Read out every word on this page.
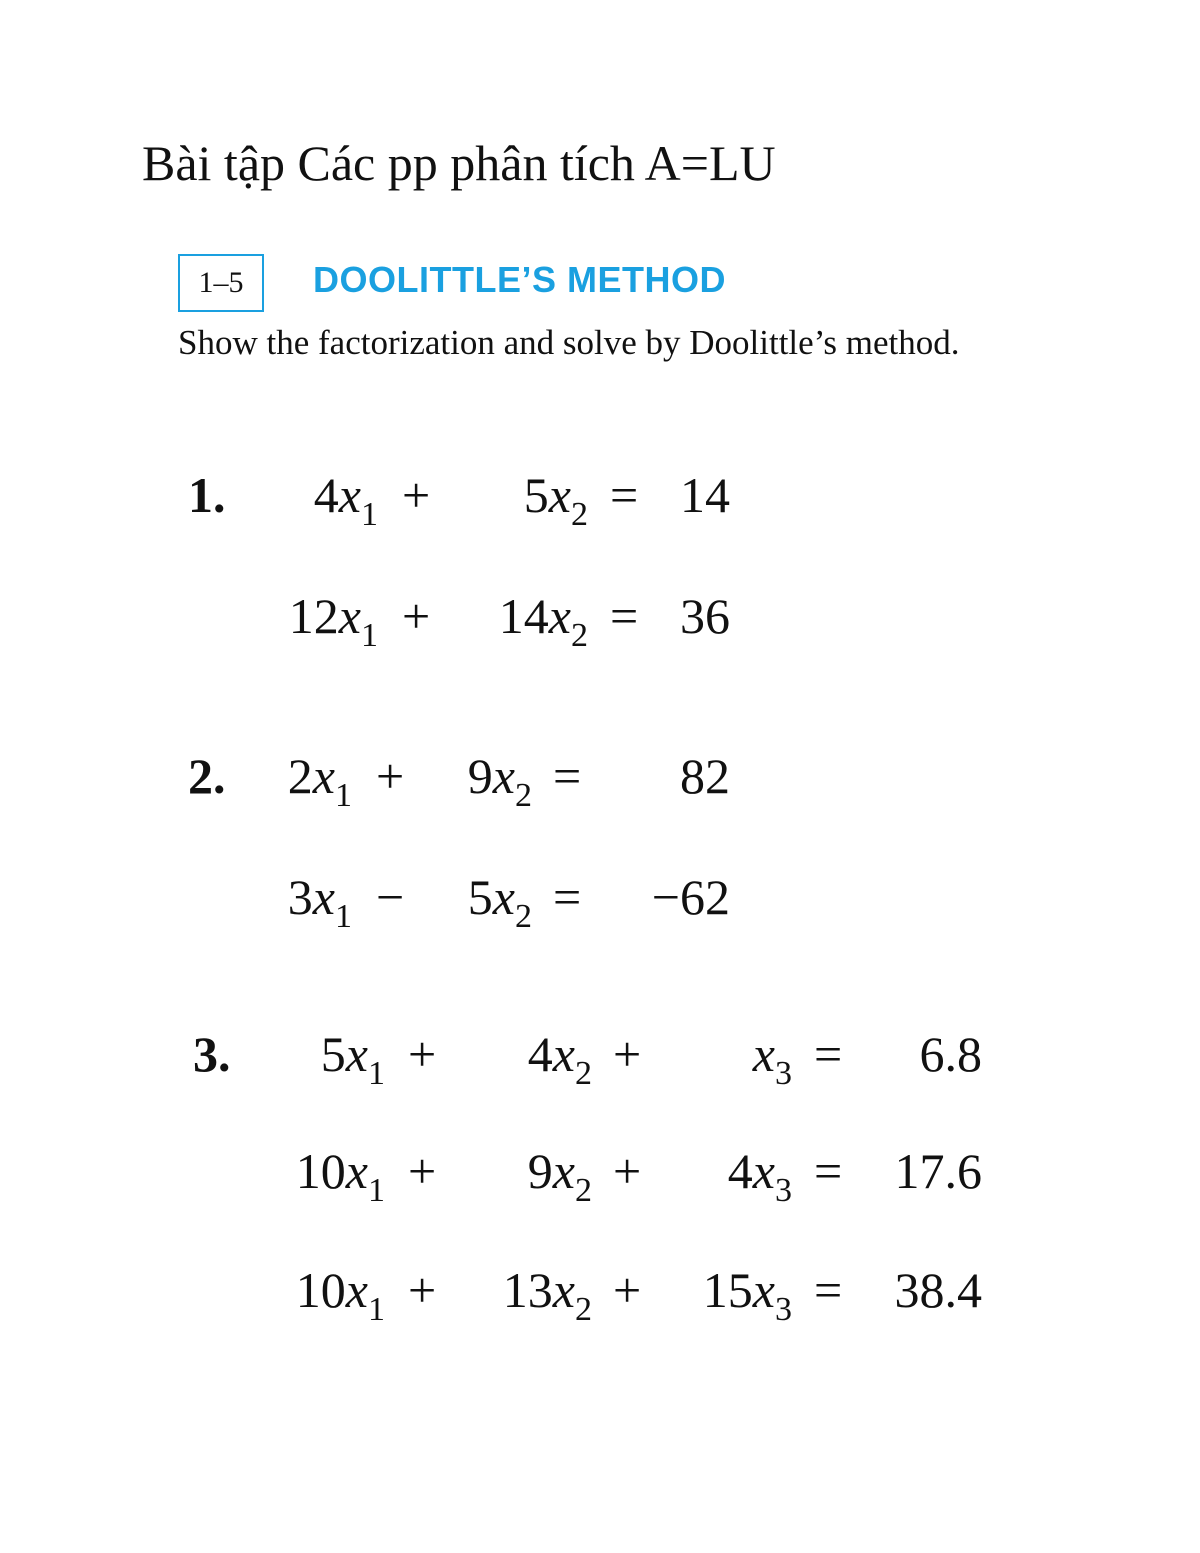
Bài tập Các pp phân tích A=LU
1–5	DOOLITTLE’S METHOD
Show the factorization and solve by Doolittle’s method.
1. $4x_1 + 5x_2 = 14$
$12x_1 + 14x_2 = 36$
2. $2x_1 + 9x_2 = 82$
$3x_1 - 5x_2 = -62$
3. $5x_1 + 4x_2 + x_3 = 6.8$
$10x_1 + 9x_2 + 4x_3 = 17.6$
$10x_1 + 13x_2 + 15x_3 = 38.4$
